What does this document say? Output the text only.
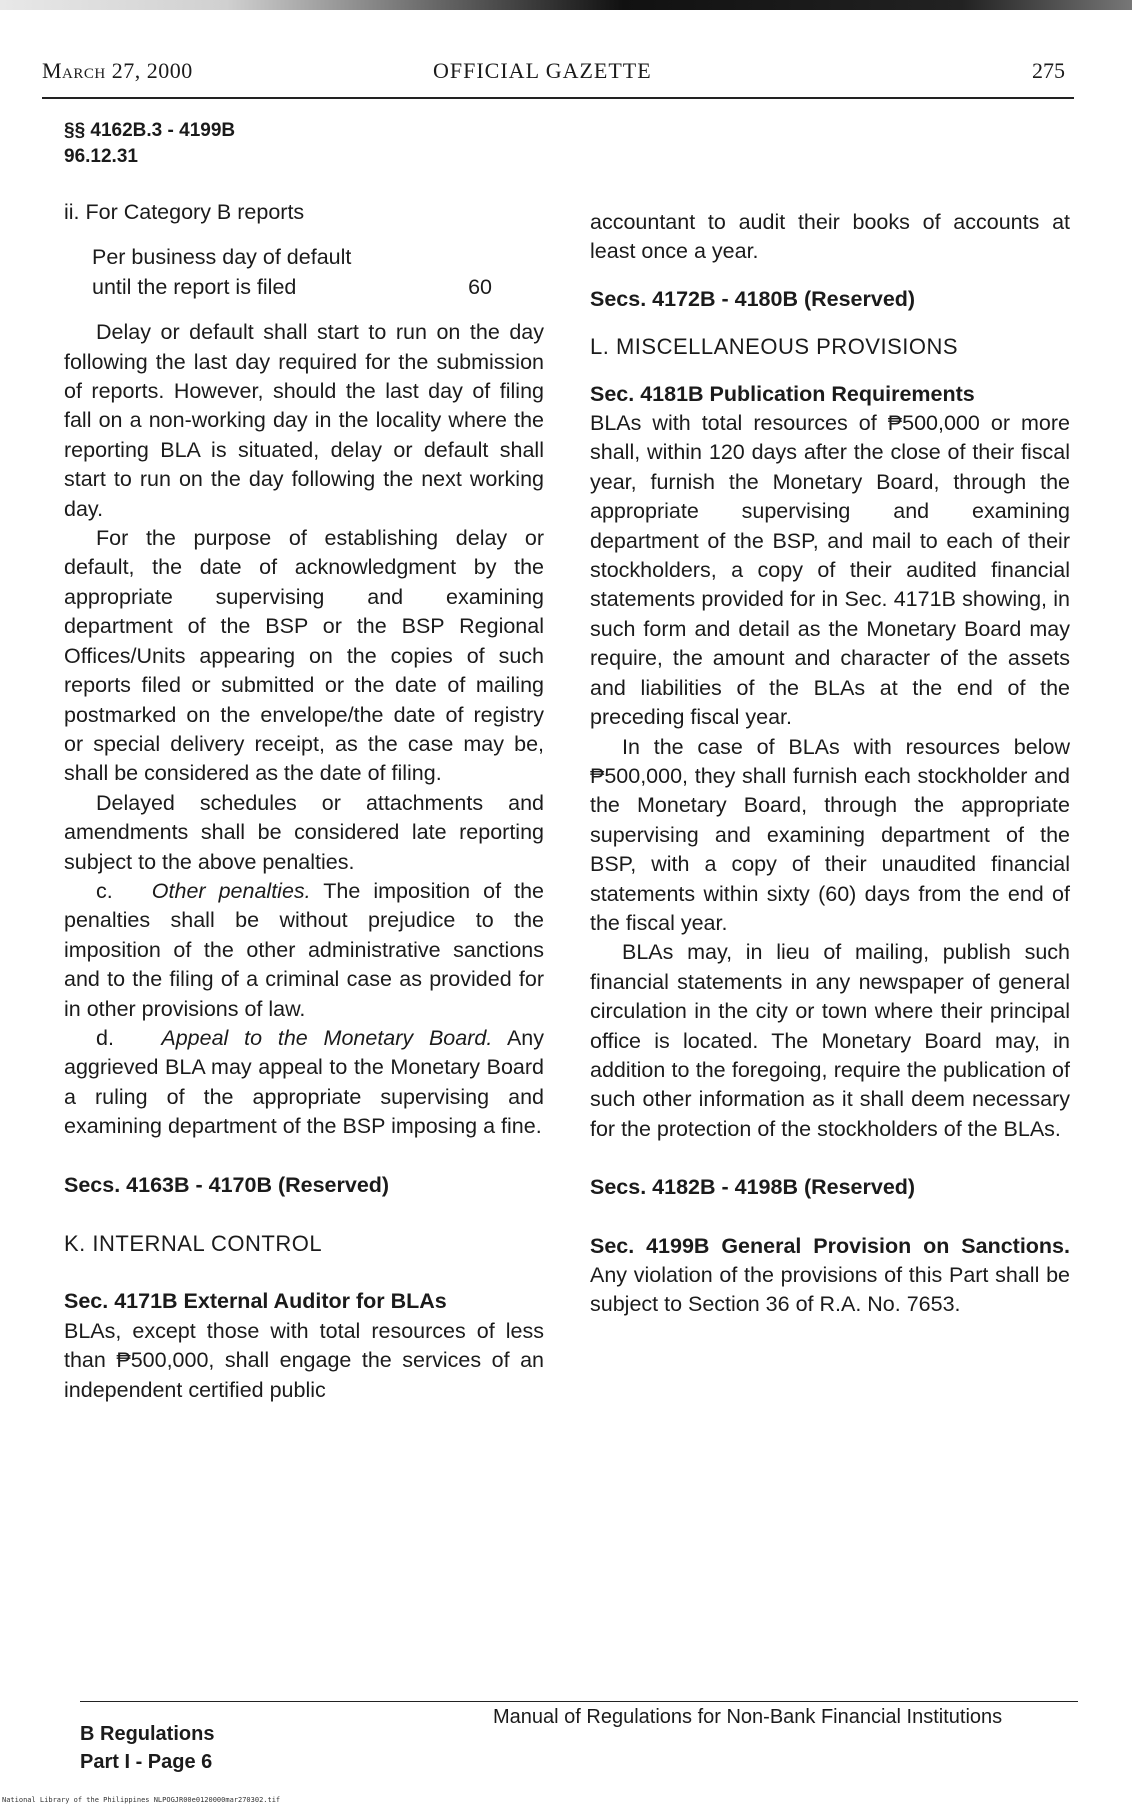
March 27, 2000	OFFICIAL GAZETTE	275
§§ 4162B.3 - 4199B
96.12.31

ii. For Category B reports

Per business day of default
until the report is filed	60

Delay or default shall start to run on the day following the last day required for the submission of reports. However, should the last day of filing fall on a non-working day in the locality where the reporting BLA is situated, delay or default shall start to run on the day following the next working day.

For the purpose of establishing delay or default, the date of acknowledgment by the appropriate supervising and examining department of the BSP or the BSP Regional Offices/Units appearing on the copies of such reports filed or submitted or the date of mailing postmarked on the envelope/the date of registry or special delivery receipt, as the case may be, shall be considered as the date of filing.

Delayed schedules or attachments and amendments shall be considered late reporting subject to the above penalties.

c. Other penalties. The imposition of the penalties shall be without prejudice to the imposition of the other administrative sanctions and to the filing of a criminal case as provided for in other provisions of law.

d. Appeal to the Monetary Board. Any aggrieved BLA may appeal to the Monetary Board a ruling of the appropriate supervising and examining department of the BSP imposing a fine.

Secs. 4163B - 4170B (Reserved)

K. INTERNAL CONTROL

Sec. 4171B External Auditor for BLAs

BLAs, except those with total resources of less than ₱500,000, shall engage the services of an independent certified public

accountant to audit their books of accounts at least once a year.

Secs. 4172B - 4180B (Reserved)

L. MISCELLANEOUS PROVISIONS

Sec. 4181B Publication Requirements

BLAs with total resources of ₱500,000 or more shall, within 120 days after the close of their fiscal year, furnish the Monetary Board, through the appropriate supervising and examining department of the BSP, and mail to each of their stockholders, a copy of their audited financial statements provided for in Sec. 4171B showing, in such form and detail as the Monetary Board may require, the amount and character of the assets and liabilities of the BLAs at the end of the preceding fiscal year.

In the case of BLAs with resources below ₱500,000, they shall furnish each stockholder and the Monetary Board, through the appropriate supervising and examining department of the BSP, with a copy of their unaudited financial statements within sixty (60) days from the end of the fiscal year.

BLAs may, in lieu of mailing, publish such financial statements in any newspaper of general circulation in the city or town where their principal office is located. The Monetary Board may, in addition to the foregoing, require the publication of such other information as it shall deem necessary for the protection of the stockholders of the BLAs.

Secs. 4182B - 4198B (Reserved)

Sec. 4199B General Provision on Sanctions. Any violation of the provisions of this Part shall be subject to Section 36 of R.A. No. 7653.

B Regulations
Part I - Page 6
Manual of Regulations for Non-Bank Financial Institutions
National Library of the Philippines NLPOGJR00e0120000mar270302.tif
